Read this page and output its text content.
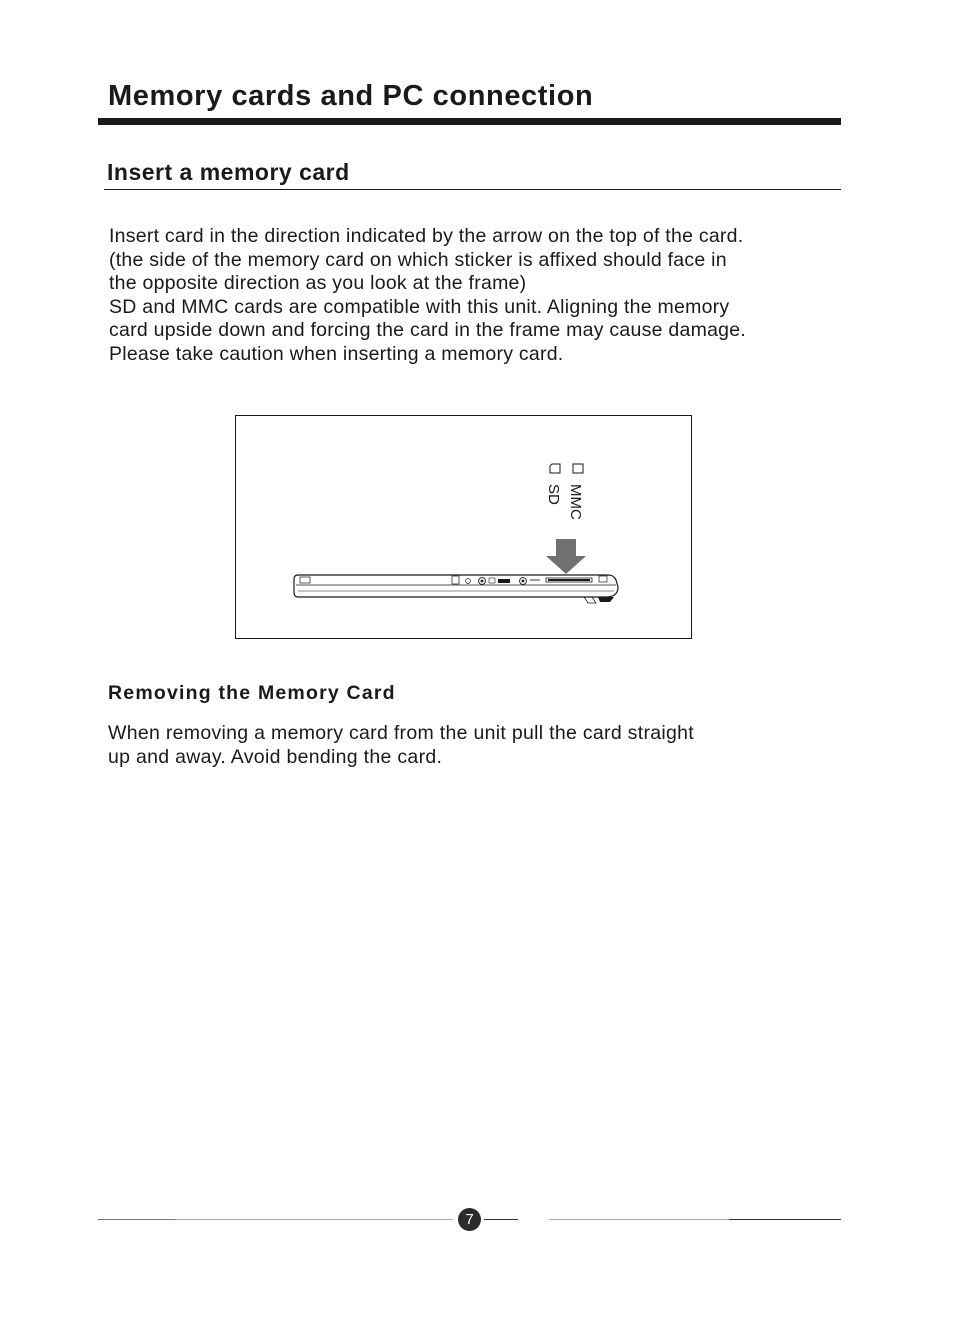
Memory cards and PC connection
Insert a memory card

Insert card in the direction indicated by the arrow on the top of the card.

(the side of the memory card on which sticker is affixed should face in

the opposite direction as you look at the frame)

SD and MMC cards are compatible with this unit. Aligning the memory

card upside down and forcing the card in the frame may cause damage.

Please take caution when inserting a memory card.

MMC
SD
Removing the Memory Card

When removing a memory card from the unit pull the card straight

up and away. Avoid bending the card.

7
